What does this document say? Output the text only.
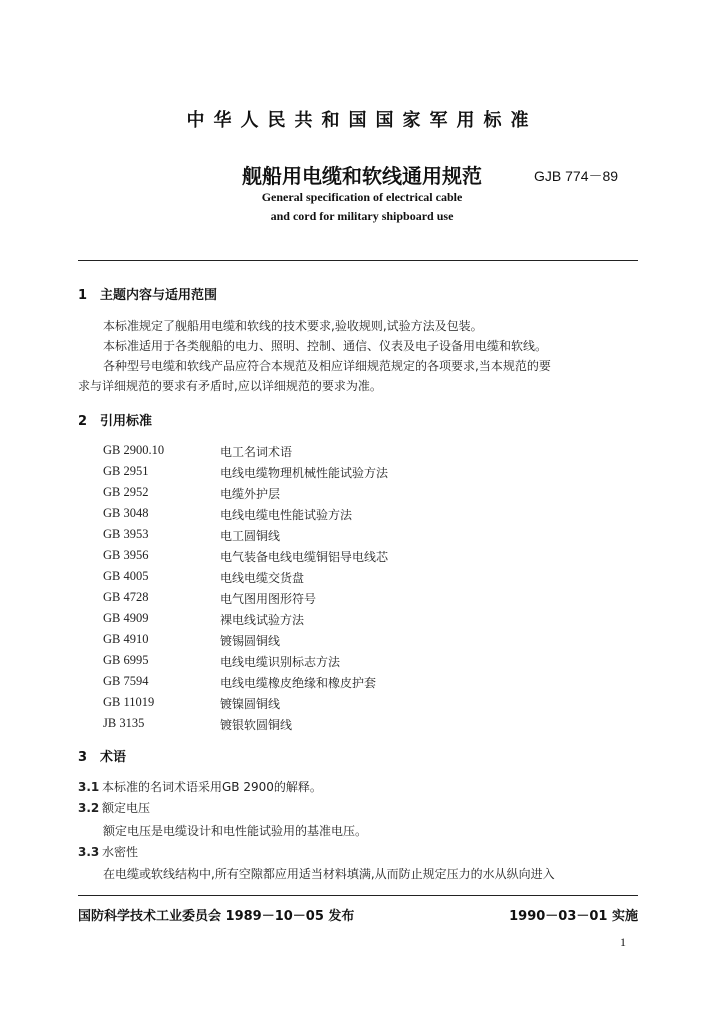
中华人民共和国国家军用标准
舰船用电缆和软线通用规范	GJB 774－89
General specification of electrical cable
and cord for military shipboard use
1 主题内容与适用范围
本标准规定了舰船用电缆和软线的技术要求,验收规则,试验方法及包装。
本标准适用于各类舰船的电力、照明、控制、通信、仪表及电子设备用电缆和软线。
各种型号电缆和软线产品应符合本规范及相应详细规范规定的各项要求,当本规范的要
求与详细规范的要求有矛盾时,应以详细规范的要求为准。
2 引用标准
GB 2900.10	电工名词术语
GB 2951	电线电缆物理机械性能试验方法
GB 2952	电缆外护层
GB 3048	电线电缆电性能试验方法
GB 3953	电工圆铜线
GB 3956	电气装备电线电缆铜铝导电线芯
GB 4005	电线电缆交货盘
GB 4728	电气图用图形符号
GB 4909	裸电线试验方法
GB 4910	镀锡圆铜线
GB 6995	电线电缆识别标志方法
GB 7594	电线电缆橡皮绝缘和橡皮护套
GB 11019	镀镍圆铜线
JB 3135	镀银软圆铜线
3 术语
3.1 本标准的名词术语采用GB 2900的解释。
3.2 额定电压
额定电压是电缆设计和电性能试验用的基准电压。
3.3 水密性
在电缆或软线结构中,所有空隙都应用适当材料填满,从而防止规定压力的水从纵向进入
国防科学技术工业委员会 1989－10－05 发布	1990－03－01 实施
1
